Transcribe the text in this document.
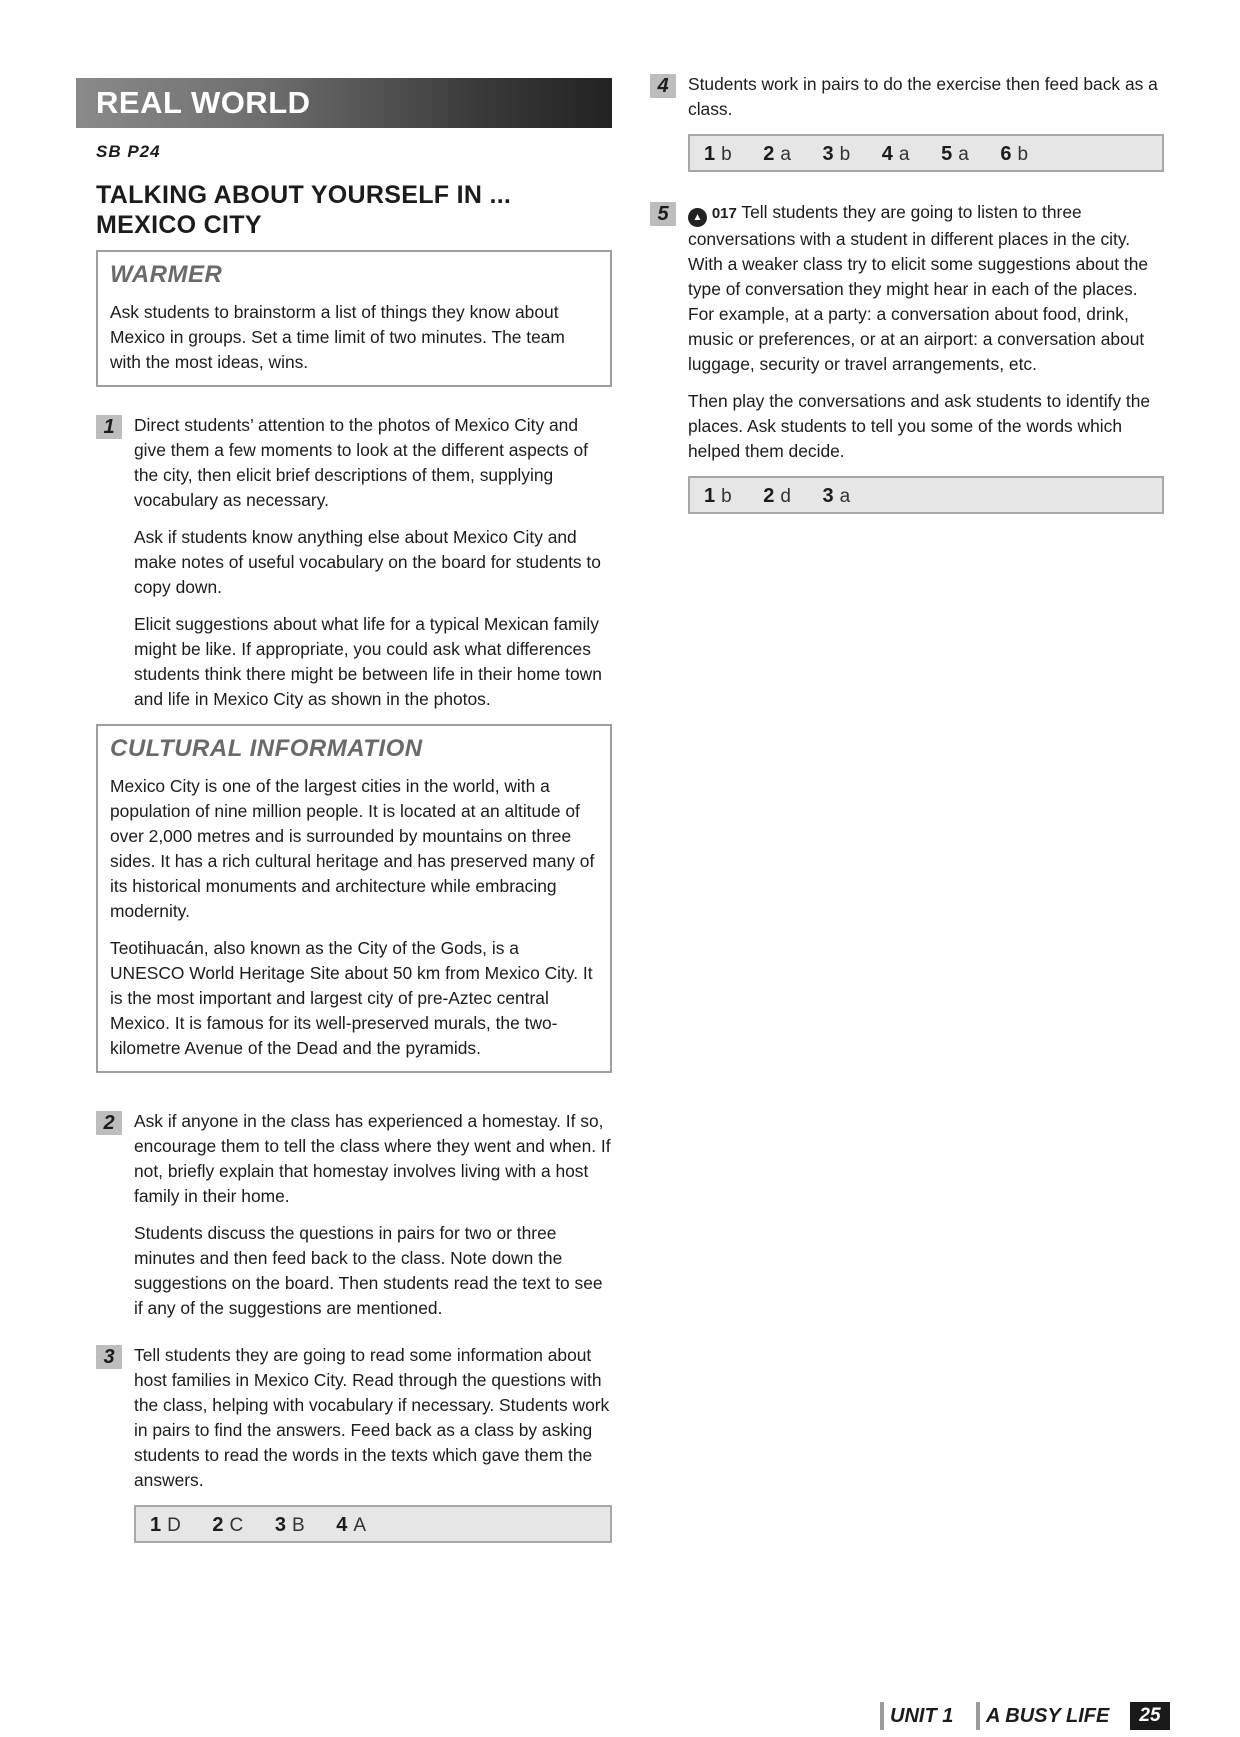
REAL WORLD
SB P24
TALKING ABOUT YOURSELF IN ...
MEXICO CITY
WARMER

Ask students to brainstorm a list of things they know about Mexico in groups. Set a time limit of two minutes. The team with the most ideas, wins.

1	Direct students’ attention to the photos of Mexico City and give them a few moments to look at the different aspects of the city, then elicit brief descriptions of them, supplying vocabulary as necessary.

Ask if students know anything else about Mexico City and make notes of useful vocabulary on the board for students to copy down.

Elicit suggestions about what life for a typical Mexican family might be like. If appropriate, you could ask what differences students think there might be between life in their home town and life in Mexico City as shown in the photos.

CULTURAL INFORMATION

Mexico City is one of the largest cities in the world, with a population of nine million people. It is located at an altitude of over 2,000 metres and is surrounded by mountains on three sides. It has a rich cultural heritage and has preserved many of its historical monuments and architecture while embracing modernity.

Teotihuacán, also known as the City of the Gods, is a UNESCO World Heritage Site about 50 km from Mexico City. It is the most important and largest city of pre-Aztec central Mexico. It is famous for its well-preserved murals, the two-kilometre Avenue of the Dead and the pyramids.

2	Ask if anyone in the class has experienced a homestay. If so, encourage them to tell the class where they went and when. If not, briefly explain that homestay involves living with a host family in their home.

Students discuss the questions in pairs for two or three minutes and then feed back to the class. Note down the suggestions on the board. Then students read the text to see if any of the suggestions are mentioned.

3	Tell students they are going to read some information about host families in Mexico City. Read through the questions with the class, helping with vocabulary if necessary. Students work in pairs to find the answers. Feed back as a class by asking students to read the words in the texts which gave them the answers.

1 D 2 C 3 B 4 A
4	Students work in pairs to do the exercise then feed back as a class.

1 b 2 a 3 b 4 a 5 a 6 b
5	▲ 017 Tell students they are going to listen to three conversations with a student in different places in the city. With a weaker class try to elicit some suggestions about the type of conversation they might hear in each of the places. For example, at a party: a conversation about food, drink, music or preferences, or at an airport: a conversation about luggage, security or travel arrangements, etc.

Then play the conversations and ask students to identify the places. Ask students to tell you some of the words which helped them decide.

1 b 2 d 3 a
UNIT 1	A BUSY LIFE	25
